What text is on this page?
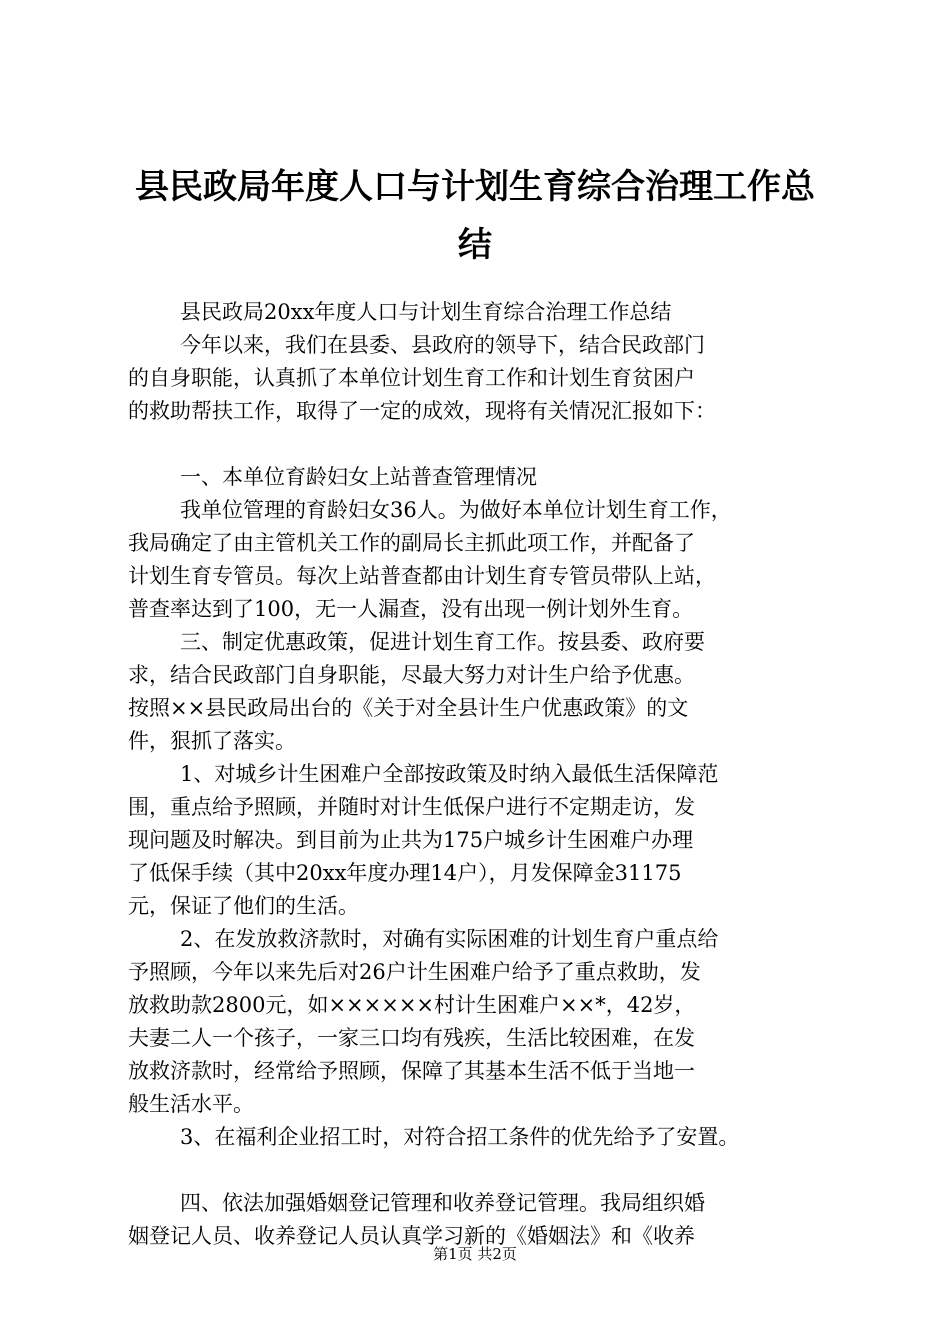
县民政局年度人口与计划生育综合治理工作总
结
县民政局20xx年度人口与计划生育综合治理工作总结
今年以来，我们在县委、县政府的领导下，结合民政部门
的自身职能，认真抓了本单位计划生育工作和计划生育贫困户
的救助帮扶工作，取得了一定的成效，现将有关情况汇报如下：
一、本单位育龄妇女上站普查管理情况
我单位管理的育龄妇女36人。为做好本单位计划生育工作，
我局确定了由主管机关工作的副局长主抓此项工作，并配备了
计划生育专管员。每次上站普查都由计划生育专管员带队上站，
普查率达到了100，无一人漏查，没有出现一例计划外生育。
三、制定优惠政策，促进计划生育工作。按县委、政府要
求，结合民政部门自身职能，尽最大努力对计生户给予优惠。
按照××县民政局出台的《关于对全县计生户优惠政策》的文
件，狠抓了落实。
1、对城乡计生困难户全部按政策及时纳入最低生活保障范
围，重点给予照顾，并随时对计生低保户进行不定期走访，发
现问题及时解决。到目前为止共为175户城乡计生困难户办理
了低保手续（其中20xx年度办理14户），月发保障金31175
元，保证了他们的生活。
2、在发放救济款时，对确有实际困难的计划生育户重点给
予照顾，今年以来先后对26户计生困难户给予了重点救助，发
放救助款2800元，如××××××村计生困难户××*，42岁，
夫妻二人一个孩子，一家三口均有残疾，生活比较困难，在发
放救济款时，经常给予照顾，保障了其基本生活不低于当地一
般生活水平。
3、在福利企业招工时，对符合招工条件的优先给予了安置。
四、依法加强婚姻登记管理和收养登记管理。我局组织婚
姻登记人员、收养登记人员认真学习新的《婚姻法》和《收养
第1页 共2页
